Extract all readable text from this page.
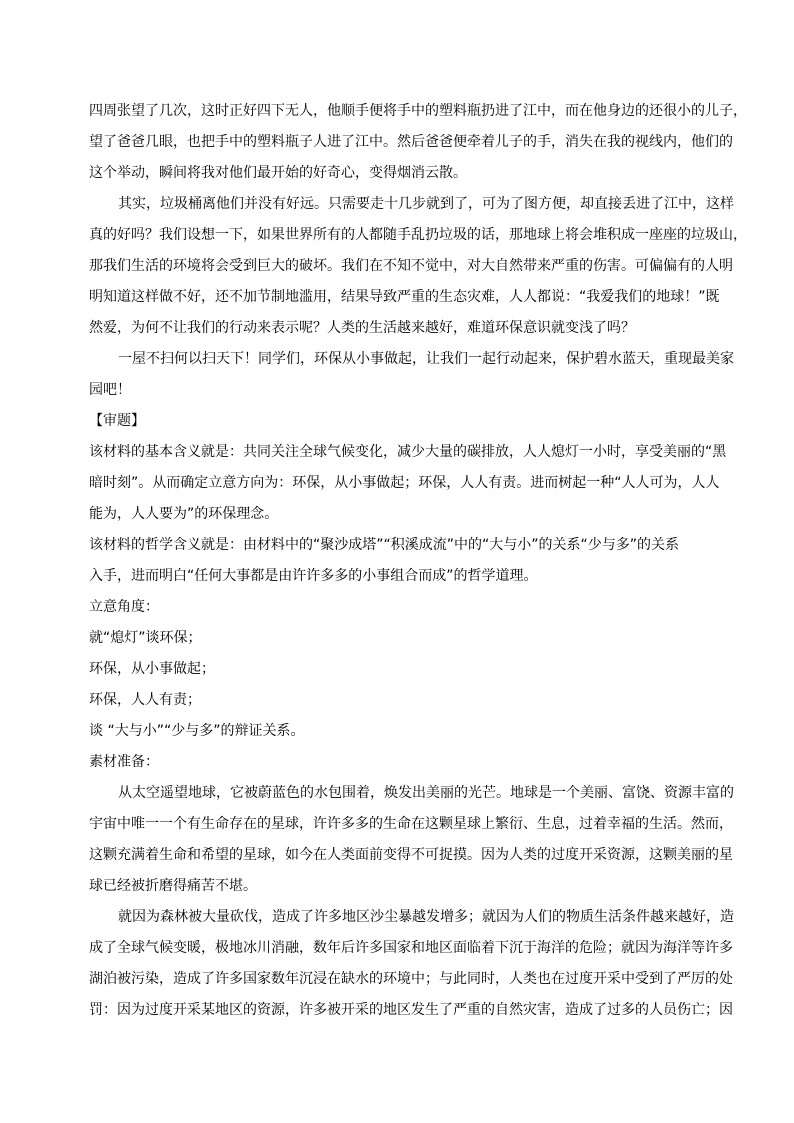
四周张望了几次，这时正好四下无人，他顺手便将手中的塑料瓶扔进了江中，而在他身边的还很小的儿子，
望了爸爸几眼，也把手中的塑料瓶子人进了江中。然后爸爸便牵着儿子的手，消失在我的视线内，他们的
这个举动，瞬间将我对他们最开始的好奇心，变得烟消云散。
其实，垃圾桶离他们并没有好远。只需要走十几步就到了，可为了图方便，却直接丢进了江中，这样
真的好吗？我们设想一下，如果世界所有的人都随手乱扔垃圾的话，那地球上将会堆积成一座座的垃圾山，
那我们生活的环境将会受到巨大的破坏。我们在不知不觉中，对大自然带来严重的伤害。可偏偏有的人明
明知道这样做不好，还不加节制地滥用，结果导致严重的生态灾难，人人都说：“我爱我们的地球！”既
然爱，为何不让我们的行动来表示呢？人类的生活越来越好，难道环保意识就变浅了吗？
一屋不扫何以扫天下！同学们，环保从小事做起，让我们一起行动起来，保护碧水蓝天，重现最美家
园吧！
【审题】
该材料的基本含义就是：共同关注全球气候变化，减少大量的碳排放，人人熄灯一小时，享受美丽的“黑
暗时刻”。从而确定立意方向为：环保，从小事做起；环保，人人有责。进而树起一种“人人可为，人人
能为，人人要为”的环保理念。
该材料的哲学含义就是：由材料中的“聚沙成塔”“积溪成流”中的“大与小”的关系“少与多”的关系
入手，进而明白“任何大事都是由许许多多的小事组合而成”的哲学道理。
立意角度：
就“熄灯”谈环保；
环保，从小事做起；
环保，人人有责；
谈 “大与小”“少与多”的辩证关系。
素材准备：
从太空遥望地球，它被蔚蓝色的水包围着，焕发出美丽的光芒。地球是一个美丽、富饶、资源丰富的
宇宙中唯一一个有生命存在的星球，许许多多的生命在这颗星球上繁衍、生息，过着幸福的生活。然而，
这颗充满着生命和希望的星球，如今在人类面前变得不可捉摸。因为人类的过度开采资源，这颗美丽的星
球已经被折磨得痛苦不堪。
就因为森林被大量砍伐，造成了许多地区沙尘暴越发增多；就因为人们的物质生活条件越来越好，造
成了全球气候变暖，极地冰川消融，数年后许多国家和地区面临着下沉于海洋的危险；就因为海洋等许多
湖泊被污染，造成了许多国家数年沉浸在缺水的环境中；与此同时，人类也在过度开采中受到了严厉的处
罚：因为过度开采某地区的资源，许多被开采的地区发生了严重的自然灾害，造成了过多的人员伤亡；因
